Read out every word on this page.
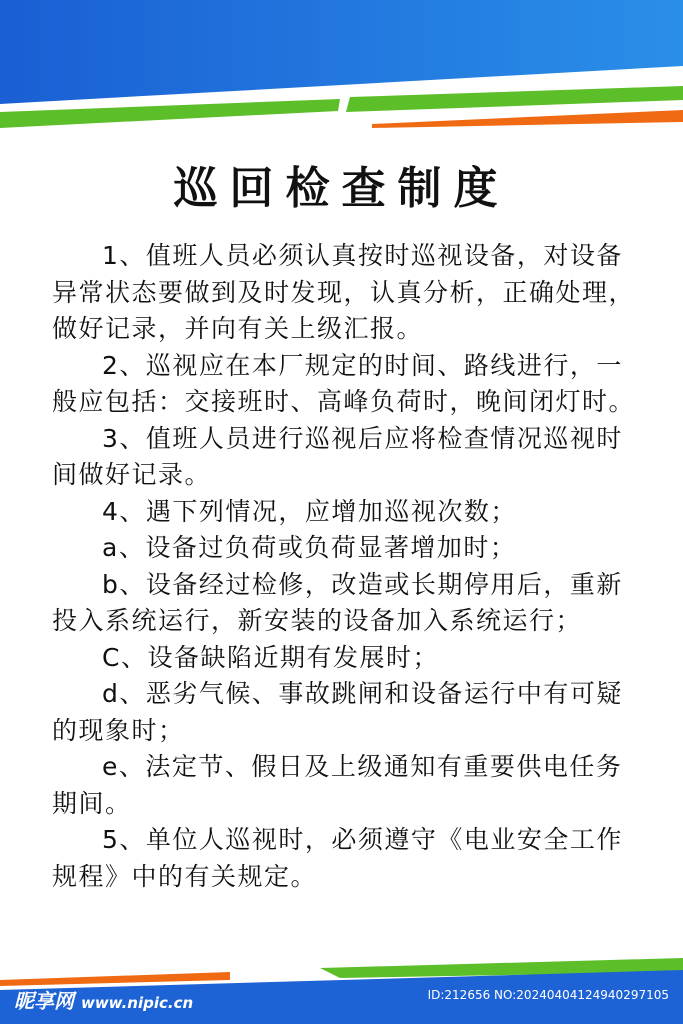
巡回检查制度

1、值班人员必须认真按时巡视设备，对设备异常状态要做到及时发现，认真分析，正确处理，做好记录，并向有关上级汇报。

2、巡视应在本厂规定的时间、路线进行，一般应包括：交接班时、高峰负荷时，晚间闭灯时。

3、值班人员进行巡视后应将检查情况巡视时间做好记录。

4、遇下列情况，应增加巡视次数；

a、设备过负荷或负荷显著增加时；

b、设备经过检修，改造或长期停用后，重新投入系统运行，新安装的设备加入系统运行；

C、设备缺陷近期有发展时；

d、恶劣气候、事故跳闸和设备运行中有可疑的现象时；

e、法定节、假日及上级通知有重要供电任务期间。

5、单位人巡视时，必须遵守《电业安全工作规程》中的有关规定。

昵享网 www.nipic.cn	ID:212656 NO:20240404124940297105
